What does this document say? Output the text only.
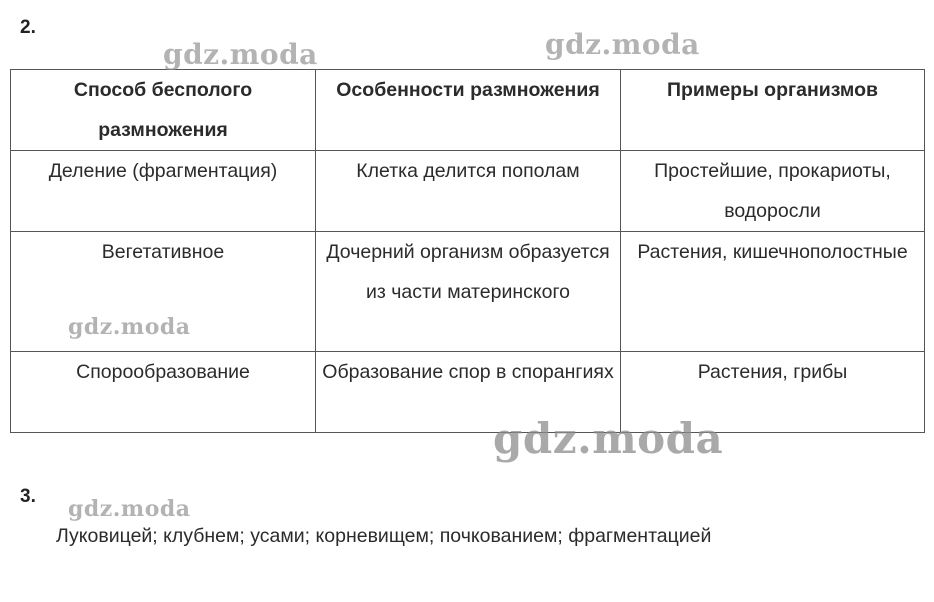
2.
Способ бесполого размножения	Особенности размножения	Примеры организмов
Деление (фрагментация)	Клетка делится пополам	Простейшие, прокариоты, водоросли
Вегетативное	Дочерний организм образуется из части материнского	Растения, кишечнополостные
Спорообразование	Образование спор в спорангиях	Растения, грибы
3.
Луковицей; клубнем; усами; корневищем; почкованием; фрагментацией
gdz.moda	gdz.moda
gdz.moda
gdz.moda
gdz.moda
